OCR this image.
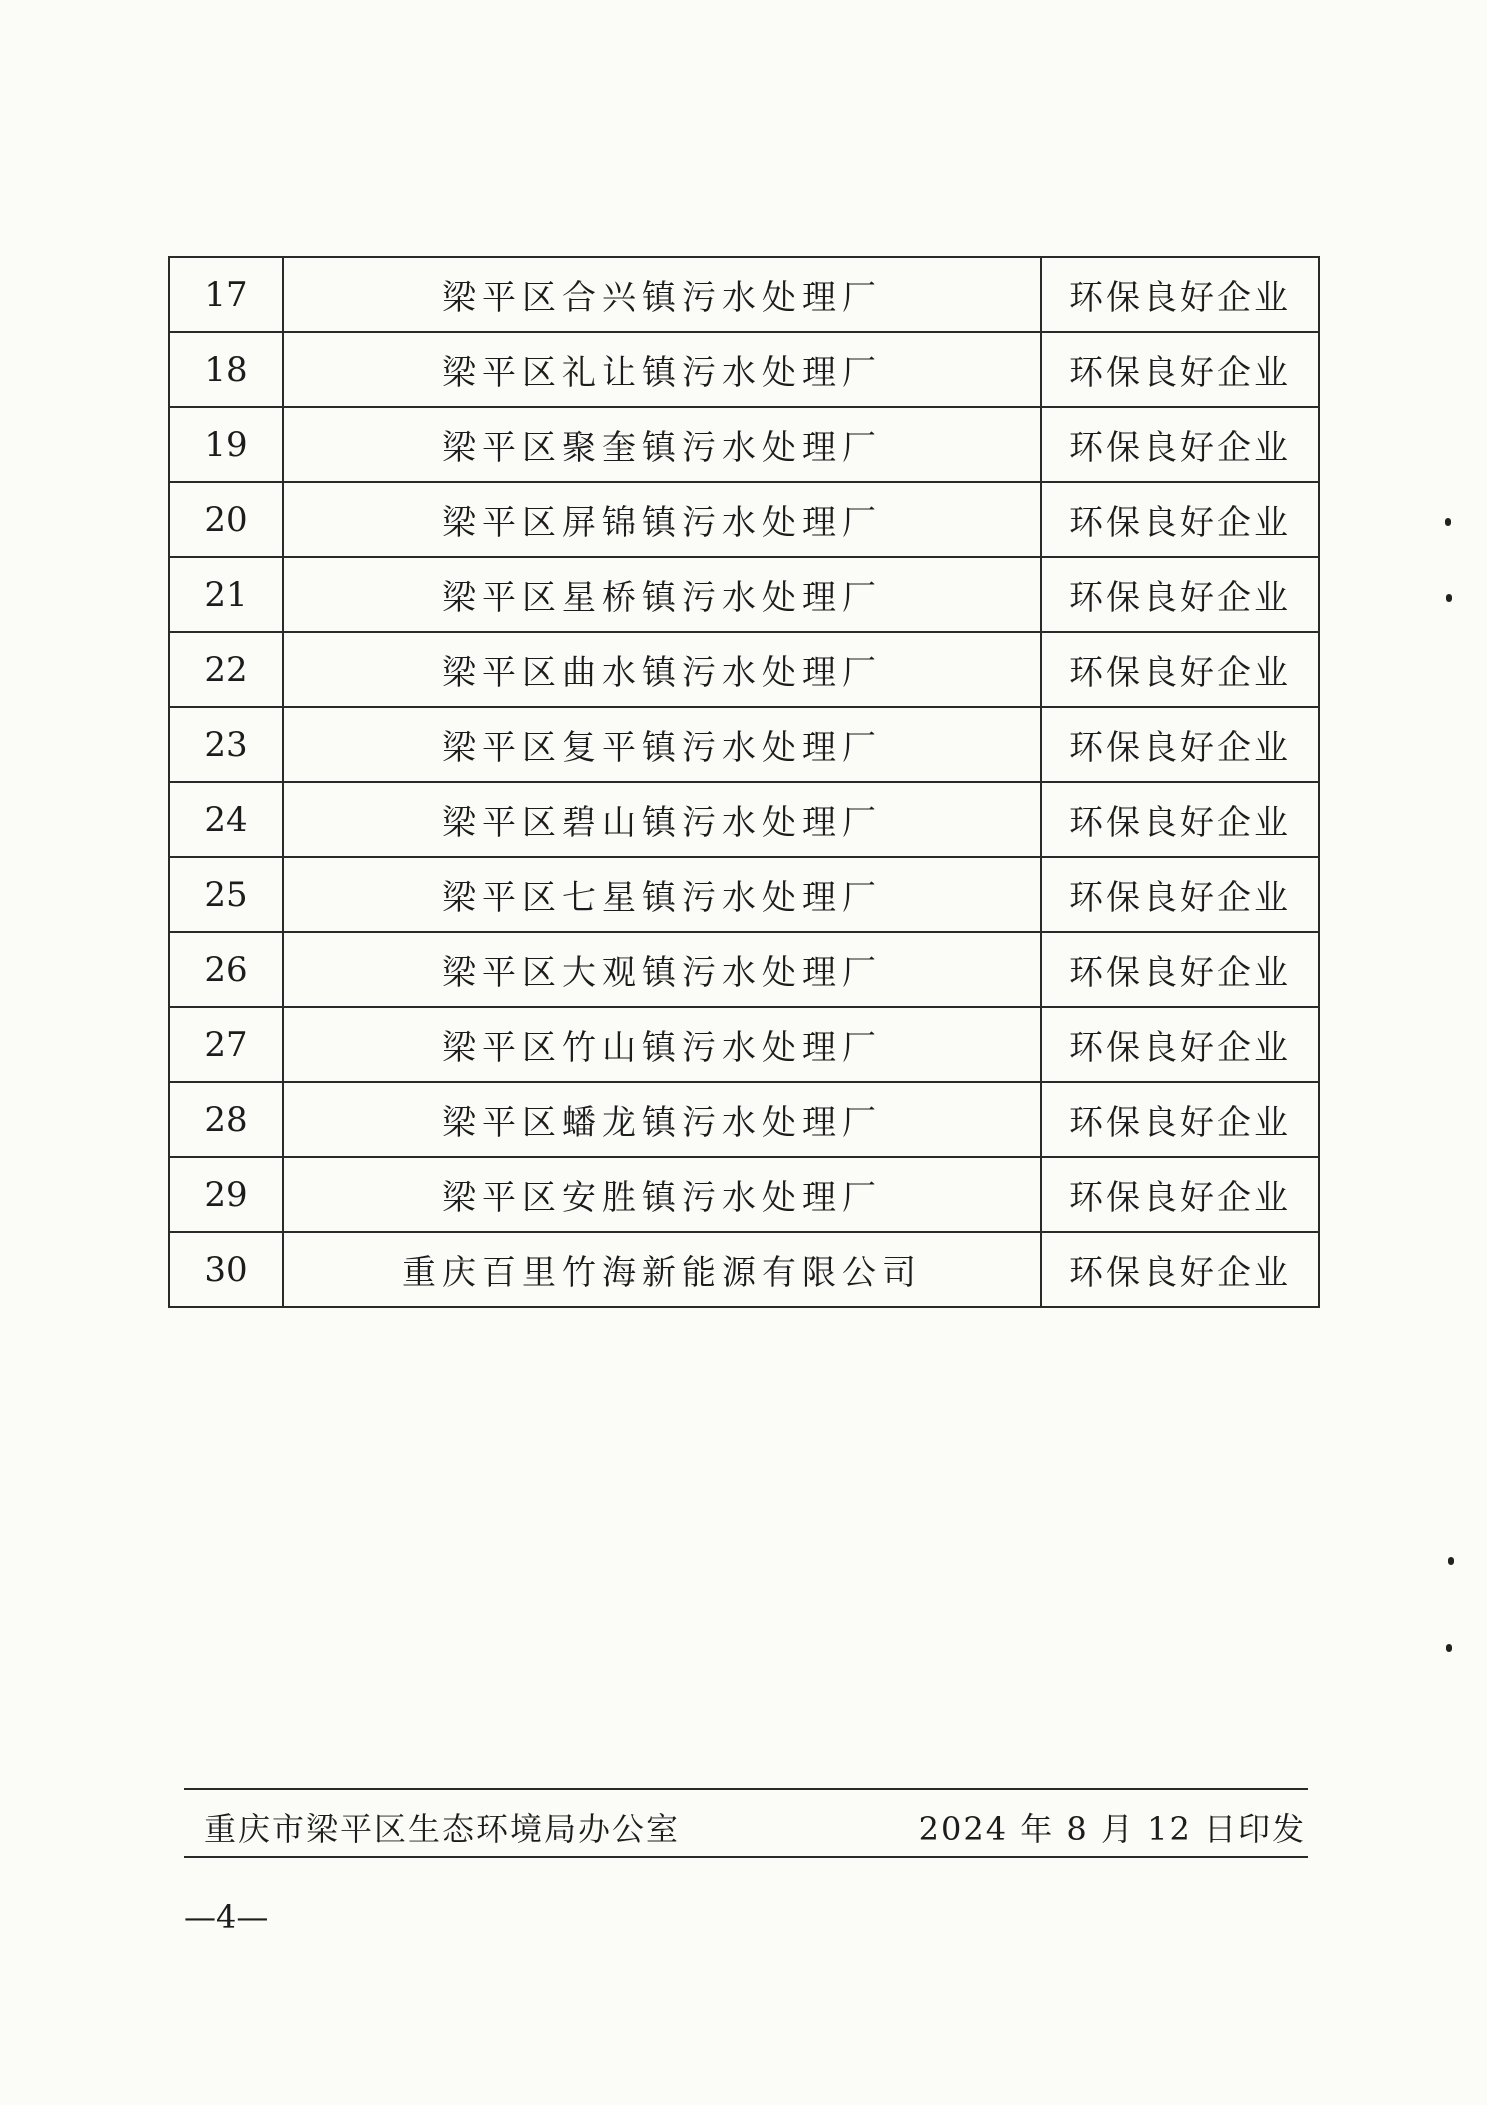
17	梁平区合兴镇污水处理厂	环保良好企业
18	梁平区礼让镇污水处理厂	环保良好企业
19	梁平区聚奎镇污水处理厂	环保良好企业
20	梁平区屏锦镇污水处理厂	环保良好企业
21	梁平区星桥镇污水处理厂	环保良好企业
22	梁平区曲水镇污水处理厂	环保良好企业
23	梁平区复平镇污水处理厂	环保良好企业
24	梁平区碧山镇污水处理厂	环保良好企业
25	梁平区七星镇污水处理厂	环保良好企业
26	梁平区大观镇污水处理厂	环保良好企业
27	梁平区竹山镇污水处理厂	环保良好企业
28	梁平区蟠龙镇污水处理厂	环保良好企业
29	梁平区安胜镇污水处理厂	环保良好企业
30	重庆百里竹海新能源有限公司	环保良好企业
重庆市梁平区生态环境局办公室	2024 年 8 月 12 日印发
—4—
